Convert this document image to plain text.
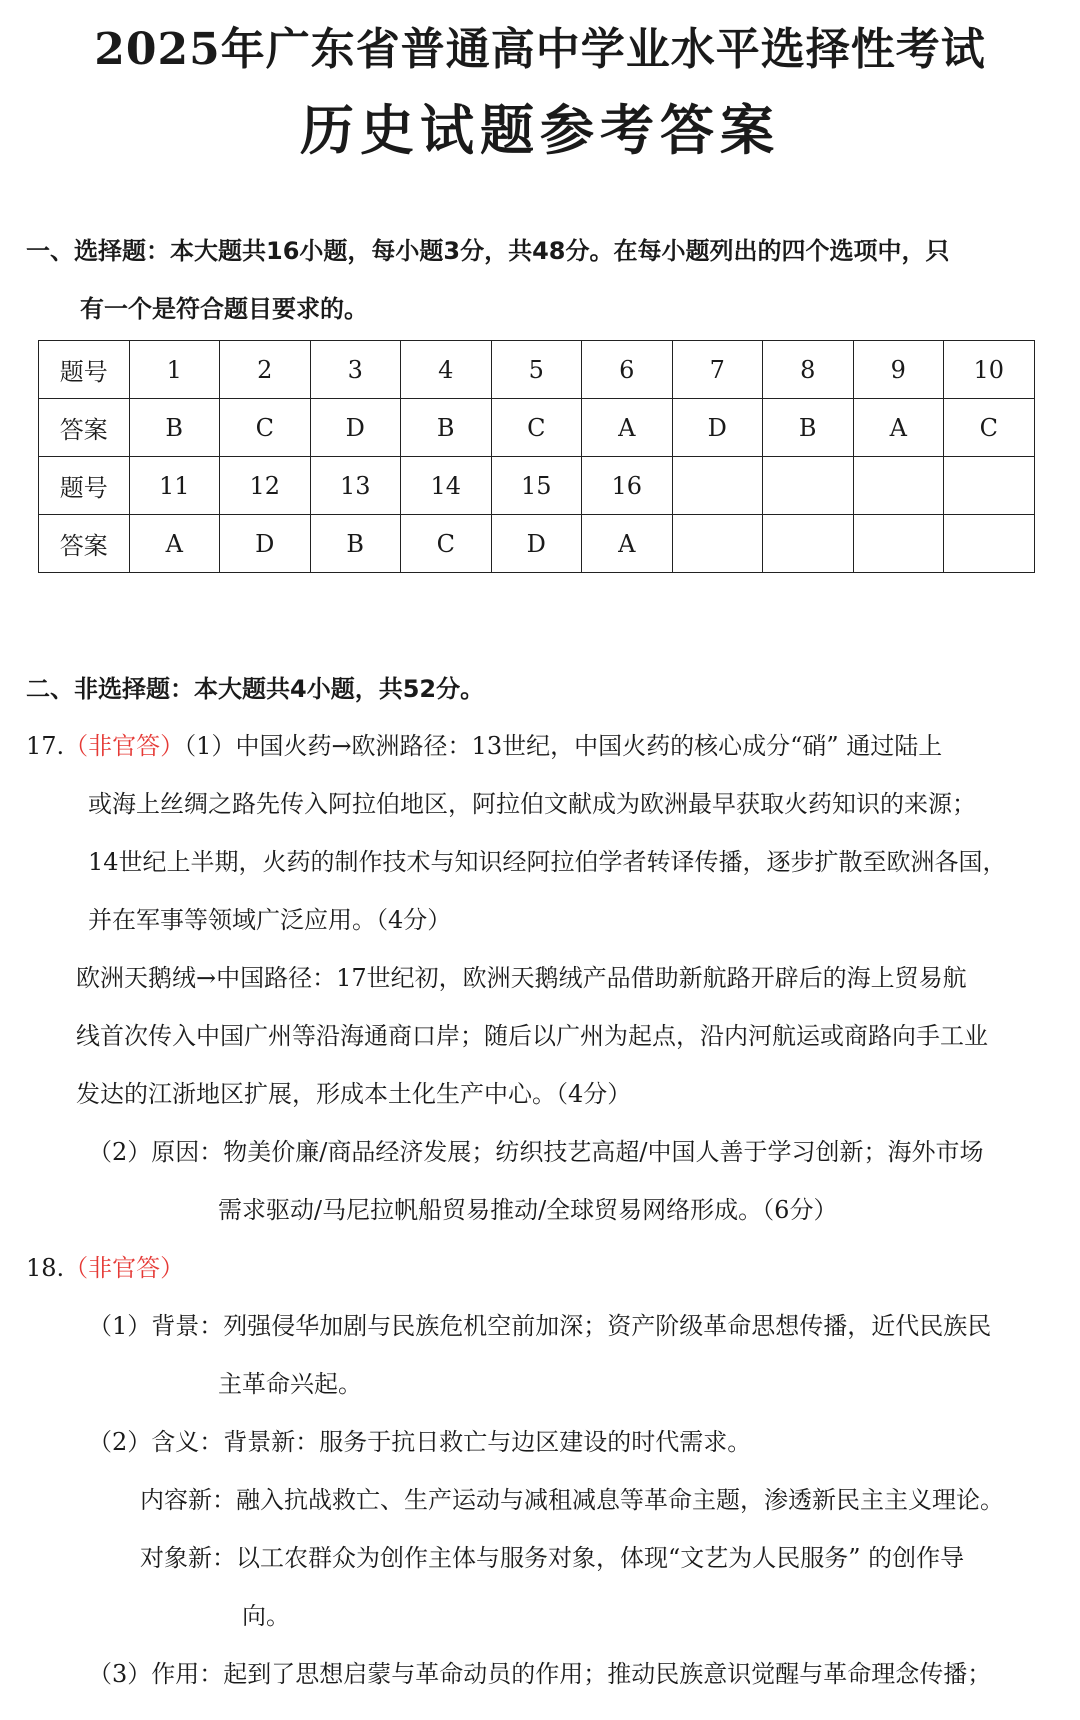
2025年广东省普通高中学业水平选择性考试
历史试题参考答案
一、选择题：本大题共16小题，每小题3分，共48分。在每小题列出的四个选项中，只
有一个是符合题目要求的。
题号	1	2	3	4	5	6	7	8	9	10
答案	B	C	D	B	C	A	D	B	A	C
题号	11	12	13	14	15	16				
答案	A	D	B	C	D	A				
二、非选择题：本大题共4小题，共52分。
17.（非官答）（1）中国火药→欧洲路径：13世纪，中国火药的核心成分“硝” 通过陆上
或海上丝绸之路先传入阿拉伯地区，阿拉伯文献成为欧洲最早获取火药知识的来源；
14世纪上半期，火药的制作技术与知识经阿拉伯学者转译传播，逐步扩散至欧洲各国，
并在军事等领域广泛应用。（4分）
欧洲天鹅绒→中国路径：17世纪初，欧洲天鹅绒产品借助新航路开辟后的海上贸易航
线首次传入中国广州等沿海通商口岸；随后以广州为起点，沿内河航运或商路向手工业
发达的江浙地区扩展，形成本土化生产中心。（4分）
（2）原因：物美价廉/商品经济发展；纺织技艺高超/中国人善于学习创新；海外市场
需求驱动/马尼拉帆船贸易推动/全球贸易网络形成。（6分）
18.（非官答）
（1）背景：列强侵华加剧与民族危机空前加深；资产阶级革命思想传播，近代民族民
主革命兴起。
（2）含义：背景新：服务于抗日救亡与边区建设的时代需求。
内容新：融入抗战救亡、生产运动与减租减息等革命主题，渗透新民主主义理论。
对象新：以工农群众为创作主体与服务对象，体现“文艺为人民服务” 的创作导
向。
（3）作用：起到了思想启蒙与革命动员的作用；推动民族意识觉醒与革命理念传播；
